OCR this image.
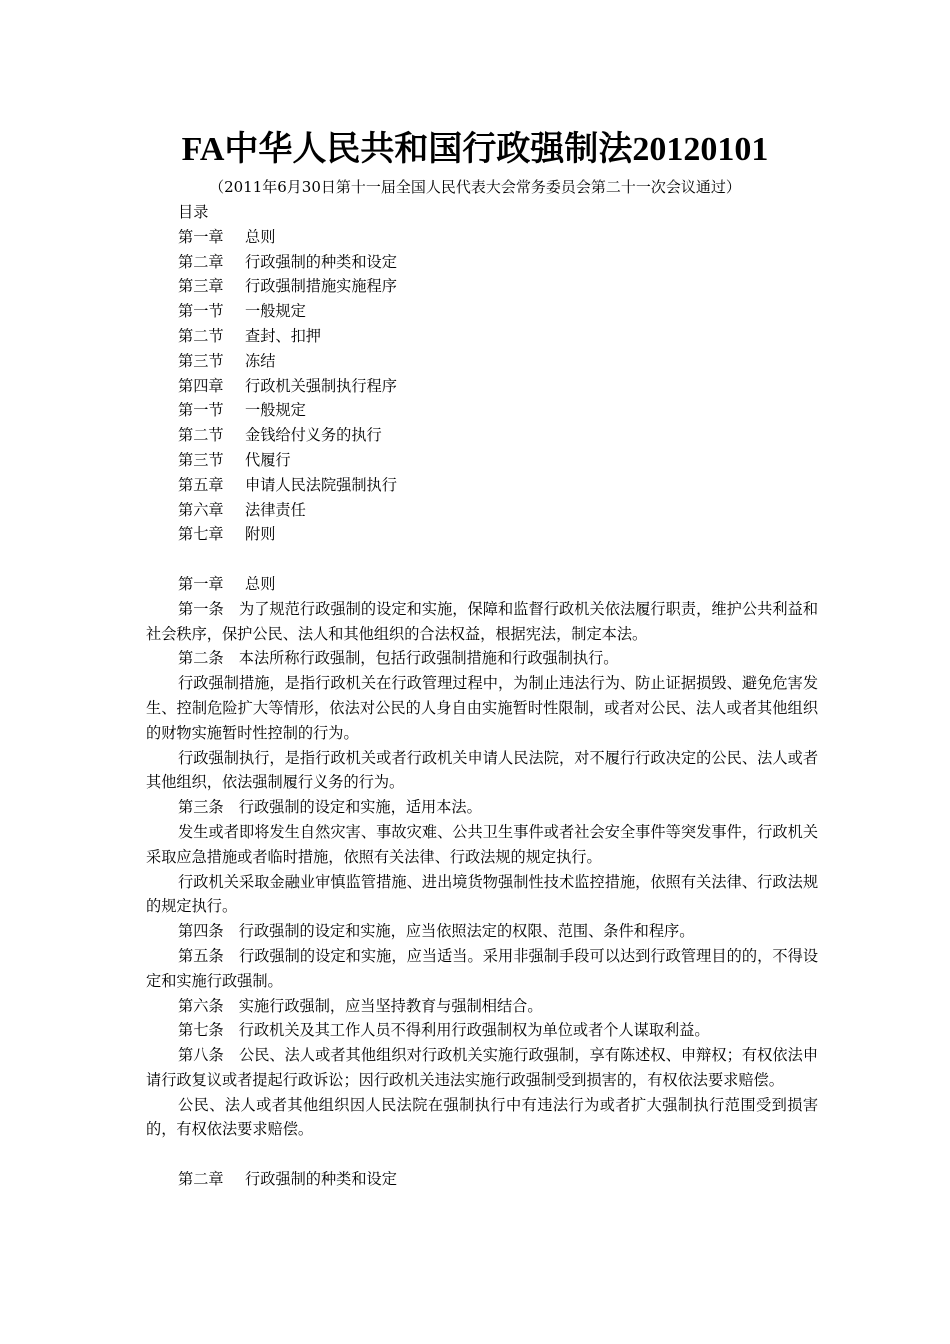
FA中华人民共和国行政强制法20120101
（2011年6月30日第十一届全国人民代表大会常务委员会第二十一次会议通过）
目录
第一章 总则
第二章 行政强制的种类和设定
第三章 行政强制措施实施程序
第一节 一般规定
第二节 查封、扣押
第三节 冻结
第四章 行政机关强制执行程序
第一节 一般规定
第二节 金钱给付义务的执行
第三节 代履行
第五章 申请人民法院强制执行
第六章 法律责任
第七章 附则
第一章 总则

第一条　为了规范行政强制的设定和实施，保障和监督行政机关依法履行职责，维护公共利益和社会秩序，保护公民、法人和其他组织的合法权益，根据宪法，制定本法。

第二条　本法所称行政强制，包括行政强制措施和行政强制执行。

行政强制措施，是指行政机关在行政管理过程中，为制止违法行为、防止证据损毁、避免危害发生、控制危险扩大等情形，依法对公民的人身自由实施暂时性限制，或者对公民、法人或者其他组织的财物实施暂时性控制的行为。

行政强制执行，是指行政机关或者行政机关申请人民法院，对不履行行政决定的公民、法人或者其他组织，依法强制履行义务的行为。

第三条　行政强制的设定和实施，适用本法。

发生或者即将发生自然灾害、事故灾难、公共卫生事件或者社会安全事件等突发事件，行政机关采取应急措施或者临时措施，依照有关法律、行政法规的规定执行。

行政机关采取金融业审慎监管措施、进出境货物强制性技术监控措施，依照有关法律、行政法规的规定执行。

第四条　行政强制的设定和实施，应当依照法定的权限、范围、条件和程序。

第五条　行政强制的设定和实施，应当适当。采用非强制手段可以达到行政管理目的的，不得设定和实施行政强制。

第六条　实施行政强制，应当坚持教育与强制相结合。

第七条　行政机关及其工作人员不得利用行政强制权为单位或者个人谋取利益。

第八条　公民、法人或者其他组织对行政机关实施行政强制，享有陈述权、申辩权；有权依法申请行政复议或者提起行政诉讼；因行政机关违法实施行政强制受到损害的，有权依法要求赔偿。

公民、法人或者其他组织因人民法院在强制执行中有违法行为或者扩大强制执行范围受到损害的，有权依法要求赔偿。

第二章 行政强制的种类和设定
